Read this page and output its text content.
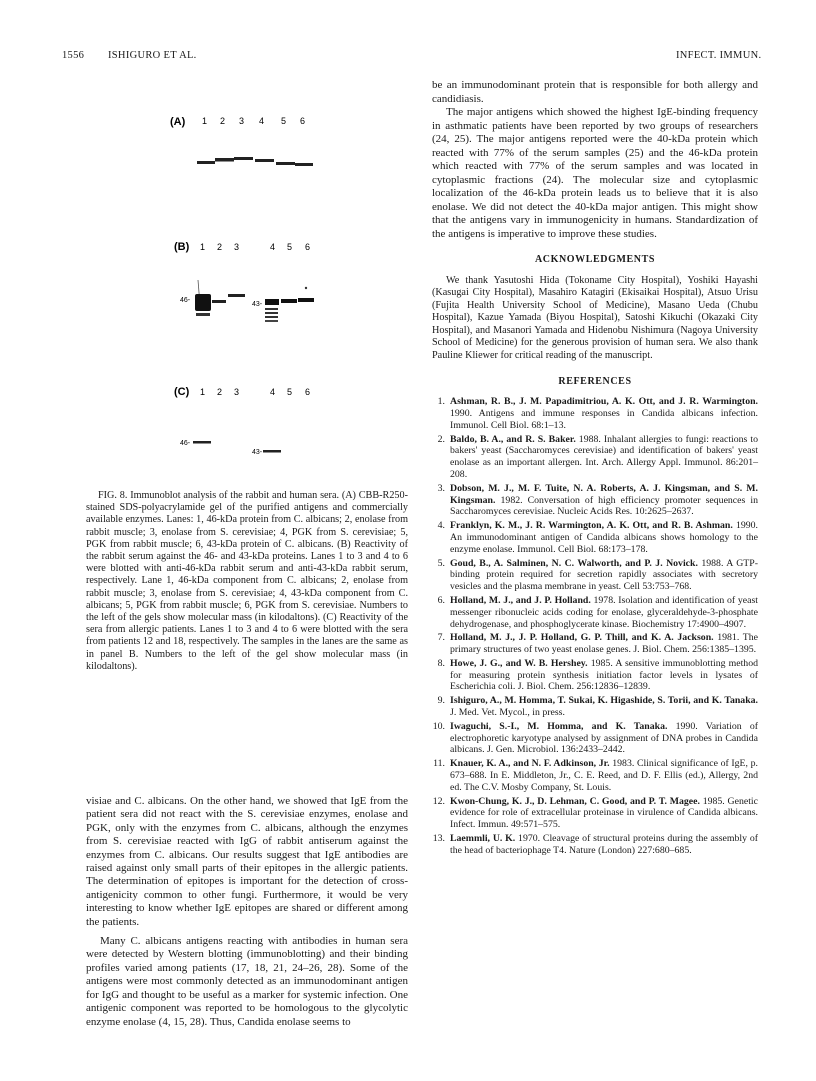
1556 ISHIGURO ET AL.	INFECT. IMMUN.
(A) 1 2 3 4 5 6
(B) 1 2 3	4 5 6
46-
43-
(C) 1 2 3	4 5 6
46-
43-
FIG. 8. Immunoblot analysis of the rabbit and human sera. (A) CBB-R250-stained SDS-polyacrylamide gel of the purified antigens and commercially available enzymes. Lanes: 1, 46-kDa protein from C. albicans; 2, enolase from rabbit muscle; 3, enolase from S. cerevisiae; 4, PGK from S. cerevisiae; 5, PGK from rabbit muscle; 6, 43-kDa protein of C. albicans. (B) Reactivity of the rabbit serum against the 46- and 43-kDa proteins. Lanes 1 to 3 and 4 to 6 were blotted with anti-46-kDa rabbit serum and anti-43-kDa rabbit serum, respectively. Lane 1, 46-kDa component from C. albicans; 2, enolase from rabbit muscle; 3, enolase from S. cerevisiae; 4, 43-kDa component from C. albicans; 5, PGK from rabbit muscle; 6, PGK from S. cerevisiae. Numbers to the left of the gels show molecular mass (in kilodaltons). (C) Reactivity of the sera from allergic patients. Lanes 1 to 3 and 4 to 6 were blotted with the sera from patients 12 and 18, respectively. The samples in the lanes are the same as in panel B. Numbers to the left of the gel show molecular mass (in kilodaltons).

visiae and C. albicans. On the other hand, we showed that IgE from the patient sera did not react with the S. cerevisiae enzymes, enolase and PGK, only with the enzymes from C. albicans, although the enzymes from S. cerevisiae reacted with IgG of rabbit antiserum against the enzymes from C. albicans. Our results suggest that IgE antibodies are raised against only small parts of their epitopes in the allergic patients. The determination of epitopes is important for the detection of cross-antigenicity common to other fungi. Furthermore, it would be very interesting to know whether IgE epitopes are shared or different among the patients.

Many C. albicans antigens reacting with antibodies in human sera were detected by Western blotting (immunoblotting) and their binding profiles varied among patients (17, 18, 21, 24–26, 28). Some of the antigens were most commonly detected as an immunodominant antigen for IgG and thought to be useful as a marker for systemic infection. One antigenic component was reported to be homologous to the glycolytic enzyme enolase (4, 15, 28). Thus, Candida enolase seems to

be an immunodominant protein that is responsible for both allergy and candidiasis.

The major antigens which showed the highest IgE-binding frequency in asthmatic patients have been reported by two groups of researchers (24, 25). The major antigens reported were the 40-kDa protein which reacted with 77% of the serum samples (25) and the 46-kDa protein which reacted with 77% of the serum samples and was located in cytoplasmic fractions (24). The molecular size and cytoplasmic localization of the 46-kDa protein leads us to believe that it is also enolase. We did not detect the 40-kDa major antigen. This might show that the antigens vary in immunogenicity in humans. Standardization of the antigens is imperative to improve these studies.

ACKNOWLEDGMENTS

We thank Yasutoshi Hida (Tokoname City Hospital), Yoshiki Hayashi (Kasugai City Hospital), Masahiro Katagiri (Ekisaikai Hospital), Atsuo Urisu (Fujita Health University School of Medicine), Masano Ueda (Chubu Hospital), Kazue Yamada (Biyou Hospital), Satoshi Kikuchi (Okazaki City Hospital), and Masanori Yamada and Hidenobu Nishimura (Nagoya University School of Medicine) for the generous provision of human sera. We also thank Pauline Kliewer for critical reading of the manuscript.

REFERENCES
1. Ashman, R. B., J. M. Papadimitriou, A. K. Ott, and J. R. Warmington. 1990. Antigens and immune responses in Candida albicans infection. Immunol. Cell Biol. 68:1–13.
2. Baldo, B. A., and R. S. Baker. 1988. Inhalant allergies to fungi: reactions to bakers' yeast (Saccharomyces cerevisiae) and identification of bakers' yeast enolase as an important allergen. Int. Arch. Allergy Appl. Immunol. 86:201–208.
3. Dobson, M. J., M. F. Tuite, N. A. Roberts, A. J. Kingsman, and S. M. Kingsman. 1982. Conversation of high efficiency promoter sequences in Saccharomyces cerevisiae. Nucleic Acids Res. 10:2625–2637.
4. Franklyn, K. M., J. R. Warmington, A. K. Ott, and R. B. Ashman. 1990. An immunodominant antigen of Candida albicans shows homology to the enzyme enolase. Immunol. Cell Biol. 68:173–178.
5. Goud, B., A. Salminen, N. C. Walworth, and P. J. Novick. 1988. A GTP-binding protein required for secretion rapidly associates with secretory vesicles and the plasma membrane in yeast. Cell 53:753–768.
6. Holland, M. J., and J. P. Holland. 1978. Isolation and identification of yeast messenger ribonucleic acids coding for enolase, glyceraldehyde-3-phosphate dehydrogenase, and phosphoglycerate kinase. Biochemistry 17:4900–4907.
7. Holland, M. J., J. P. Holland, G. P. Thill, and K. A. Jackson. 1981. The primary structures of two yeast enolase genes. J. Biol. Chem. 256:1385–1395.
8. Howe, J. G., and W. B. Hershey. 1985. A sensitive immunoblotting method for measuring protein synthesis initiation factor levels in lysates of Escherichia coli. J. Biol. Chem. 256:12836–12839.
9. Ishiguro, A., M. Homma, T. Sukai, K. Higashide, S. Torii, and K. Tanaka. J. Med. Vet. Mycol., in press.
10. Iwaguchi, S.-I., M. Homma, and K. Tanaka. 1990. Variation of electrophoretic karyotype analysed by assignment of DNA probes in Candida albicans. J. Gen. Microbiol. 136:2433–2442.
11. Knauer, K. A., and N. F. Adkinson, Jr. 1983. Clinical significance of IgE, p. 673–688. In E. Middleton, Jr., C. E. Reed, and D. F. Ellis (ed.), Allergy, 2nd ed. The C.V. Mosby Company, St. Louis.
12. Kwon-Chung, K. J., D. Lehman, C. Good, and P. T. Magee. 1985. Genetic evidence for role of extracellular proteinase in virulence of Candida albicans. Infect. Immun. 49:571–575.
13. Laemmli, U. K. 1970. Cleavage of structural proteins during the assembly of the head of bacteriophage T4. Nature (London) 227:680–685.
